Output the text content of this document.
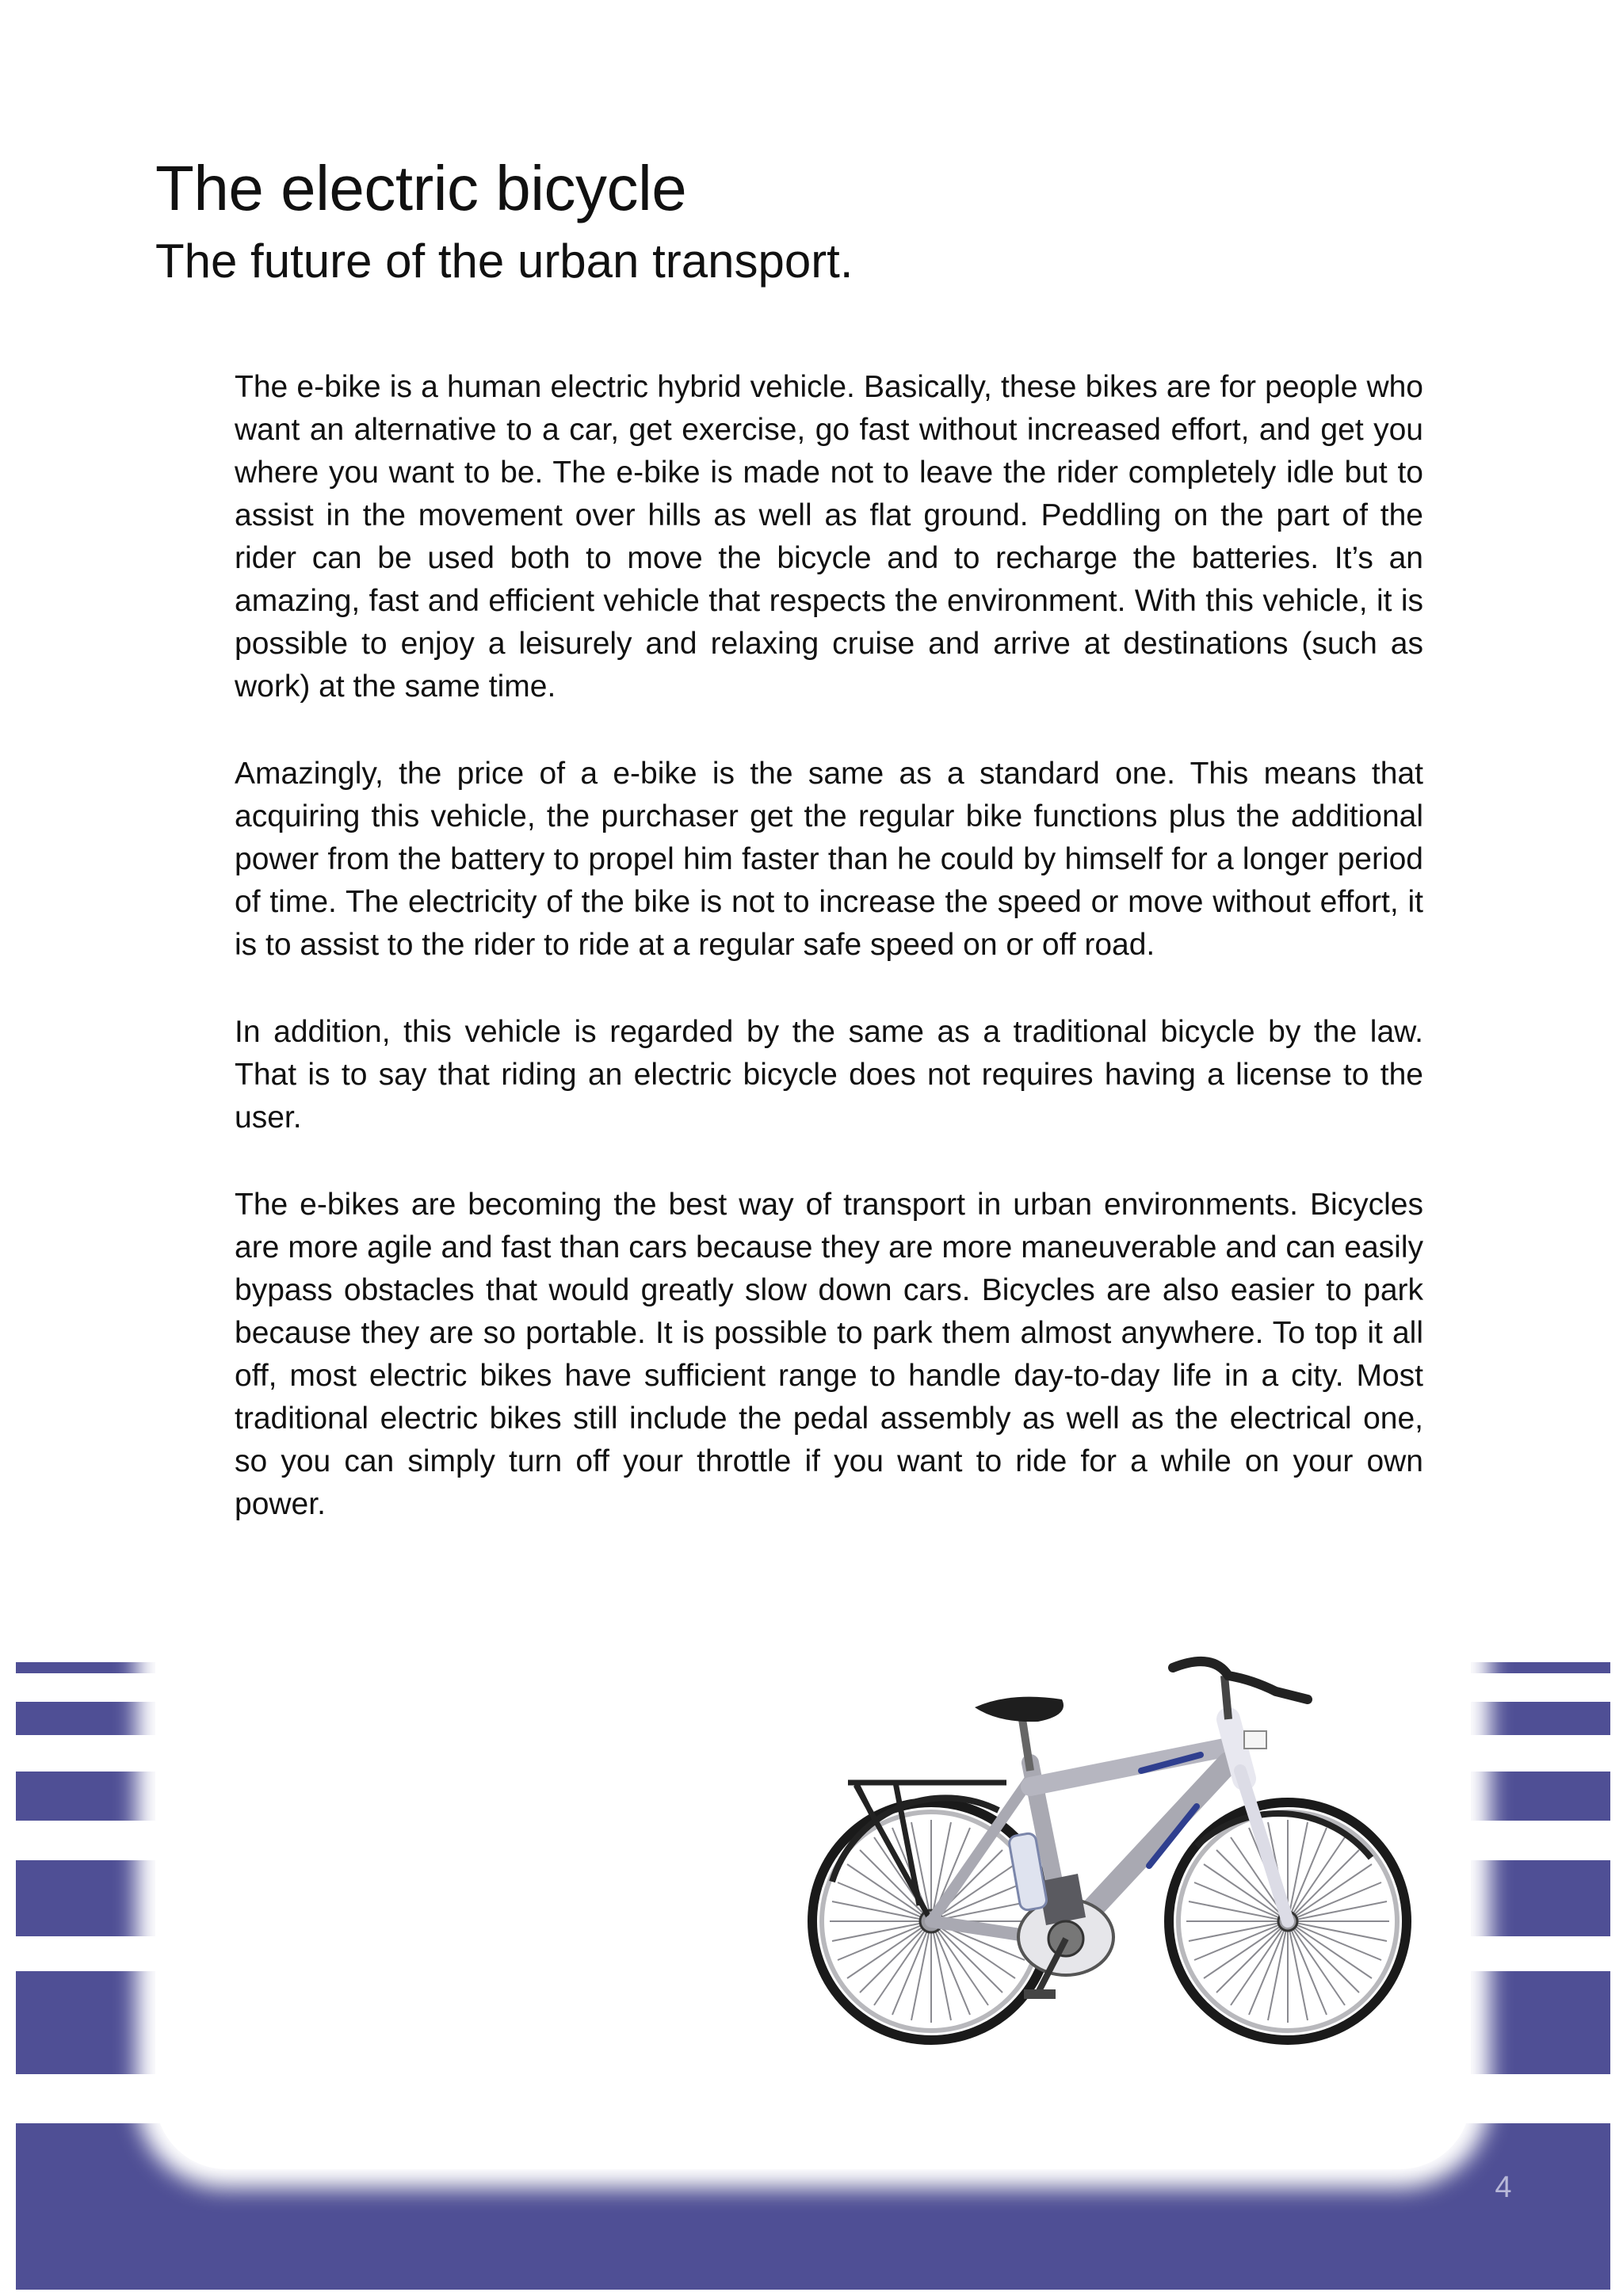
The electric bicycle
The future of the urban transport.

The e-bike is a human electric hybrid vehicle. Basically, these bikes are for people who want an alternative to a car, get exercise, go fast without increased effort, and get you where you want to be. The e-bike is made not to leave the rider completely idle but to assist in the movement over hills as well as flat ground. Peddling on the part of the rider can be used both to move the bicycle and to recharge the batteries. It’s an amazing, fast and efficient vehicle that respects the environment. With this vehicle, it is possible to enjoy a leisurely and relaxing cruise and arrive at destinations (such as work) at the same time.

Amazingly, the price of a e-bike is the same as a standard one. This means that acquiring this vehicle, the purchaser get the regular bike functions plus the additional power from the battery to propel him faster than he could by himself for a longer period of time. The electricity of the bike is not to increase the speed or move without effort, it is to assist to the rider to ride at a regular safe speed on or off road.

In addition, this vehicle is regarded by the same as a traditional bicycle by the law. That is to say that riding an electric bicycle does not requires having a license to the user.

The e-bikes are becoming the best way of transport in urban environments. Bicycles are more agile and fast than cars because they are more maneuverable and can easily bypass obstacles that would greatly slow down cars. Bicycles are also easier to park because they are so portable. It is possible to park them almost anywhere. To top it all off, most electric bikes have sufficient range to handle day-to-day life in a city. Most traditional electric bikes still include the pedal assembly as well as the electrical one, so you can simply turn off your throttle if you want to ride for a while on your own power.

4
